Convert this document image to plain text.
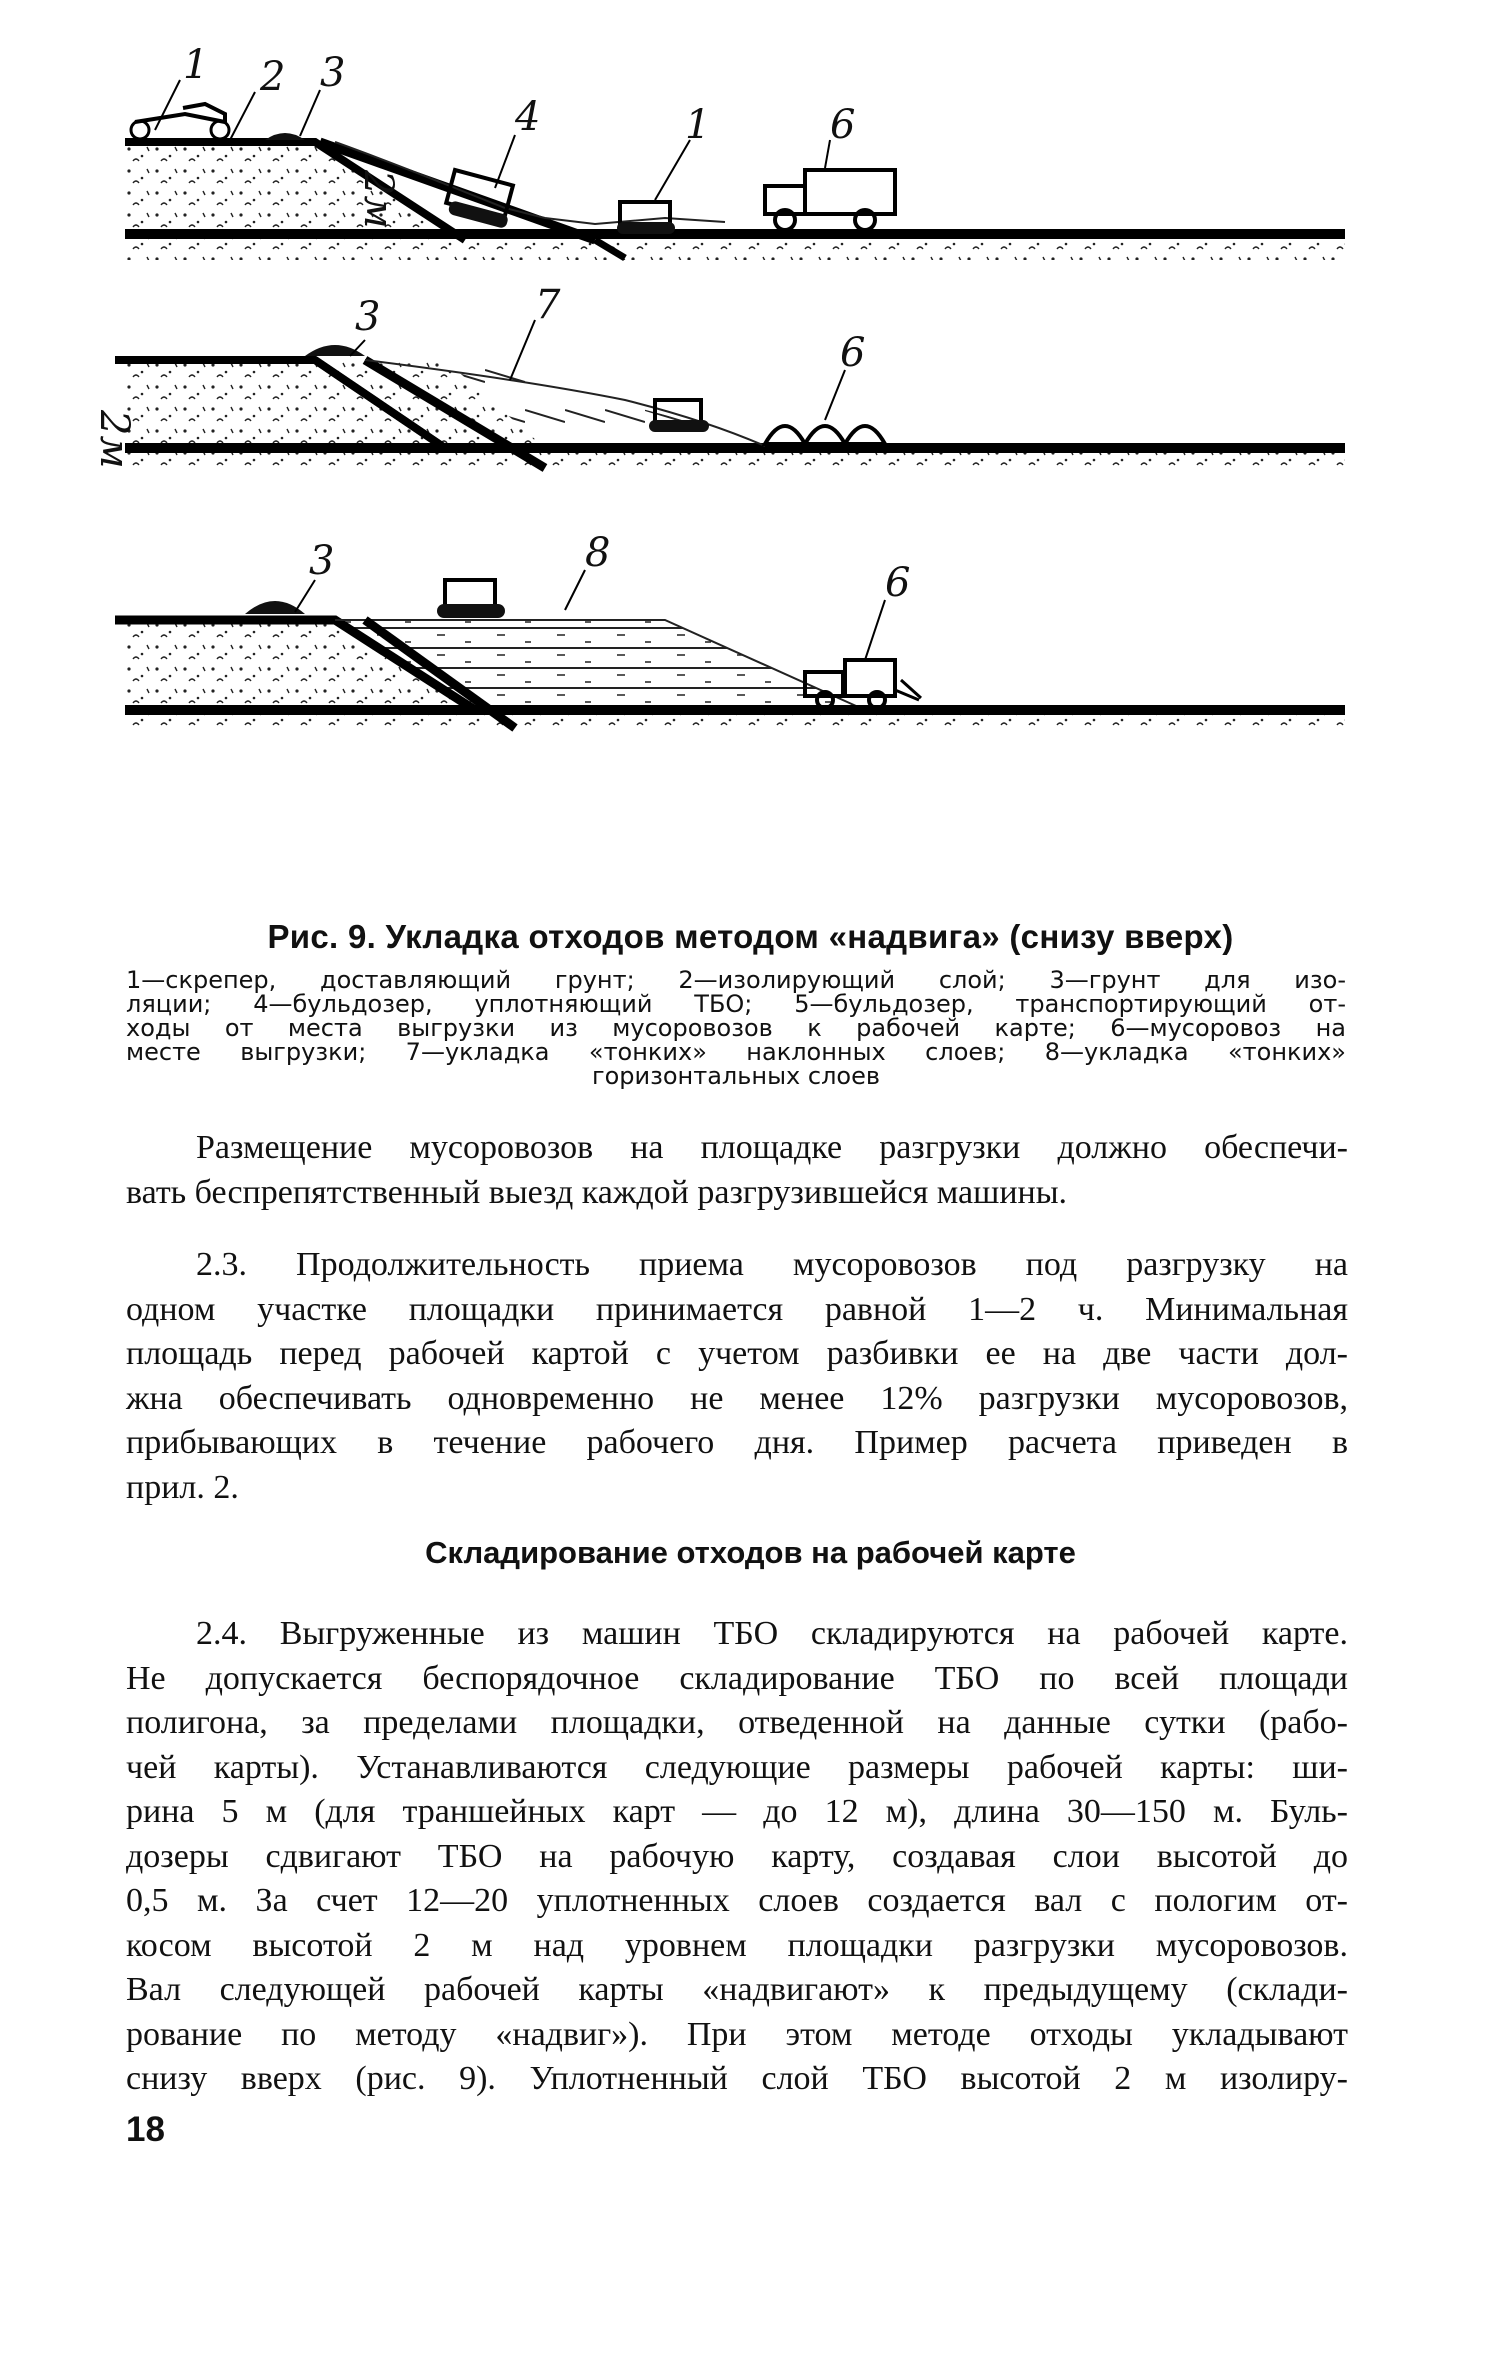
1 2 3
4	1	6
2м
3	7
6
2м
3	8
6
Рис. 9. Укладка отходов методом «надвига» (снизу вверх)

1—скрепер, доставляющий грунт; 2—изолирующий слой; 3—грунт для изо-

ляции; 4—бульдозер, уплотняющий ТБО; 5—бульдозер, транспортирующий от-

ходы от места выгрузки из мусоровозов к рабочей карте; 6—мусоровоз на

месте выгрузки; 7—укладка «тонких» наклонных слоев; 8—укладка «тонких»

горизонтальных слоев

Размещение мусоровозов на площадке разгрузки должно обеспечи-

вать беспрепятственный выезд каждой разгрузившейся машины.

2.3. Продолжительность приема мусоровозов под разгрузку на

одном участке площадки принимается равной 1—2 ч. Минимальная

площадь перед рабочей картой с учетом разбивки ее на две части дол-

жна обеспечивать одновременно не менее 12% разгрузки мусоровозов,

прибывающих в течение рабочего дня. Пример расчета приведен в

прил. 2.

Складирование отходов на рабочей карте

2.4. Выгруженные из машин ТБО складируются на рабочей карте.

Не допускается беспорядочное складирование ТБО по всей площади

полигона, за пределами площадки, отведенной на данные сутки (рабо-

чей карты). Устанавливаются следующие размеры рабочей карты: ши-

рина 5 м (для траншейных карт — до 12 м), длина 30—150 м. Буль-

дозеры сдвигают ТБО на рабочую карту, создавая слои высотой до

0,5 м. За счет 12—20 уплотненных слоев создается вал с пологим от-

косом высотой 2 м над уровнем площадки разгрузки мусоровозов.

Вал следующей рабочей карты «надвигают» к предыдущему (склади-

рование по методу «надвиг»). При этом методе отходы укладывают

снизу вверх (рис. 9). Уплотненный слой ТБО высотой 2 м изолиру-

18
